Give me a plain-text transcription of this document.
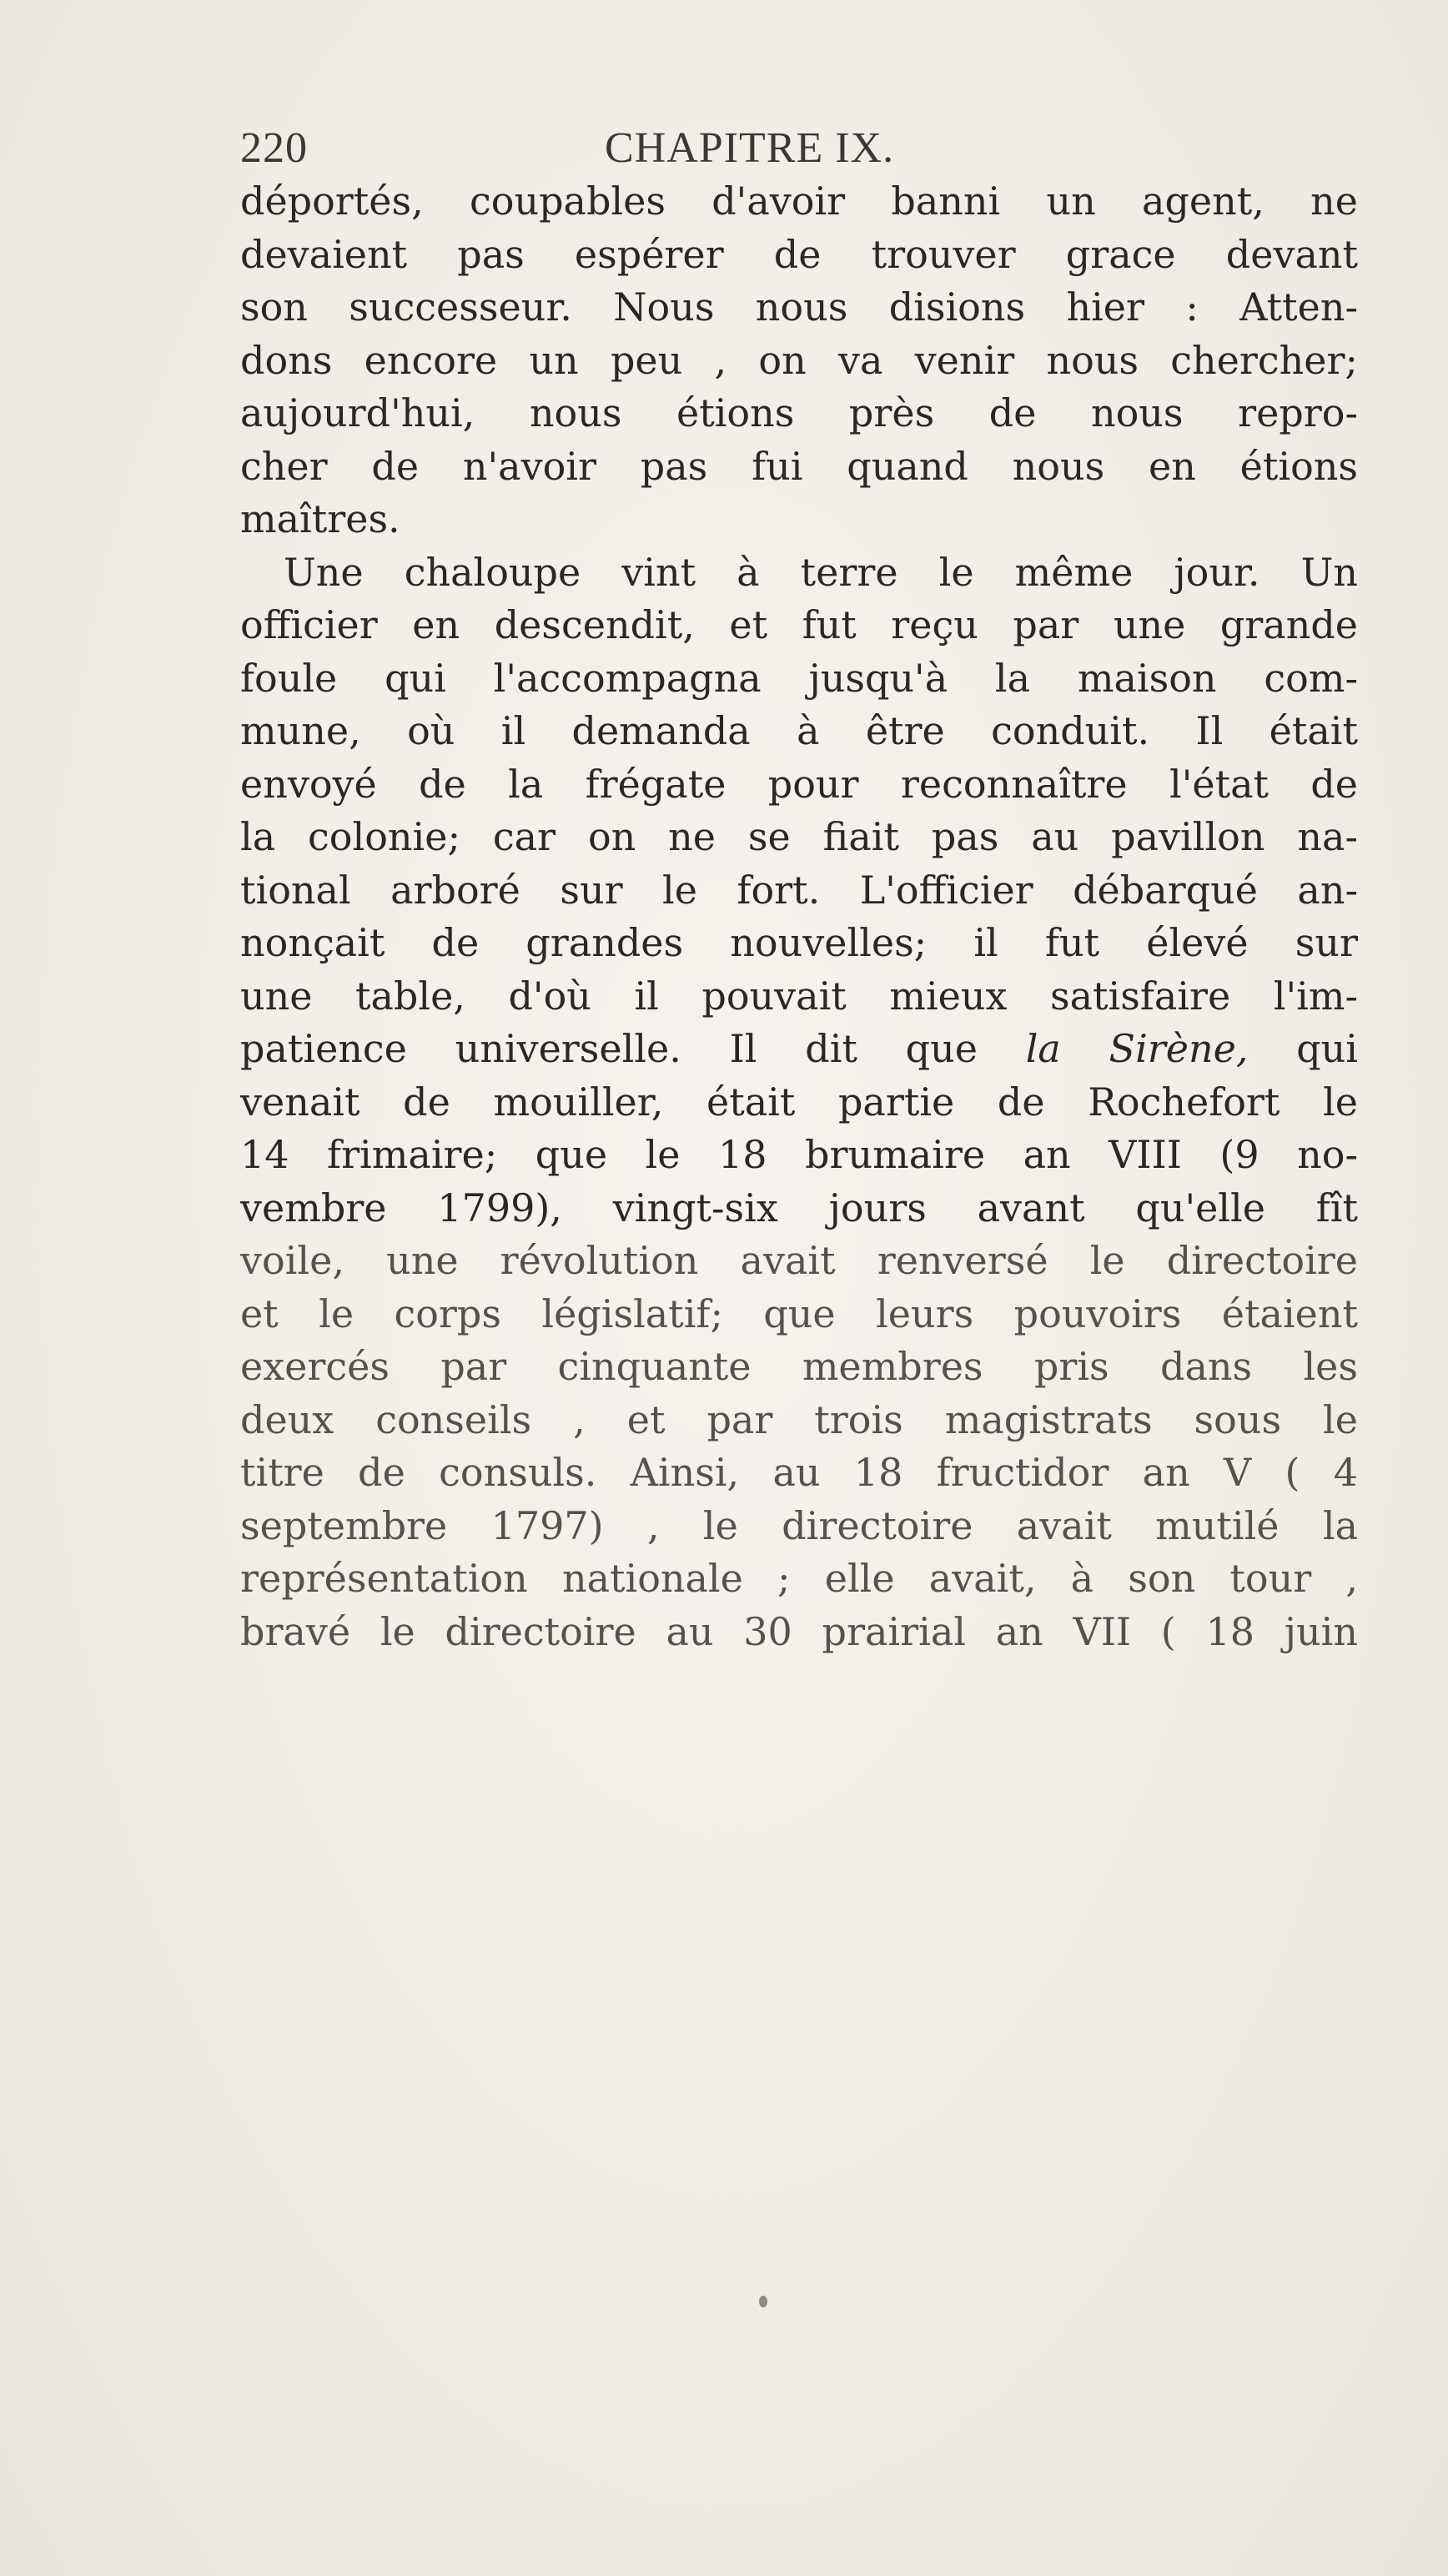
220	CHAPITRE IX.
déportés, coupables d'avoir banni un agent, ne
devaient pas espérer de trouver grace devant
son successeur. Nous nous disions hier : Atten-
dons encore un peu , on va venir nous chercher;
aujourd'hui, nous étions près de nous repro-
cher de n'avoir pas fui quand nous en étions
maîtres.
Une chaloupe vint à terre le même jour. Un
officier en descendit, et fut reçu par une grande
foule qui l'accompagna jusqu'à la maison com-
mune, où il demanda à être conduit. Il était
envoyé de la frégate pour reconnaître l'état de
la colonie; car on ne se fiait pas au pavillon na-
tional arboré sur le fort. L'officier débarqué an-
nonçait de grandes nouvelles; il fut élevé sur
une table, d'où il pouvait mieux satisfaire l'im-
patience universelle. Il dit que la Sirène, qui
venait de mouiller, était partie de Rochefort le
14 frimaire; que le 18 brumaire an VIII (9 no-
vembre 1799), vingt-six jours avant qu'elle fît
voile, une révolution avait renversé le directoire
et le corps législatif; que leurs pouvoirs étaient
exercés par cinquante membres pris dans les
deux conseils , et par trois magistrats sous le
titre de consuls. Ainsi, au 18 fructidor an V ( 4
septembre 1797) , le directoire avait mutilé la
représentation nationale ; elle avait, à son tour ,
bravé le directoire au 30 prairial an VII ( 18 juin
